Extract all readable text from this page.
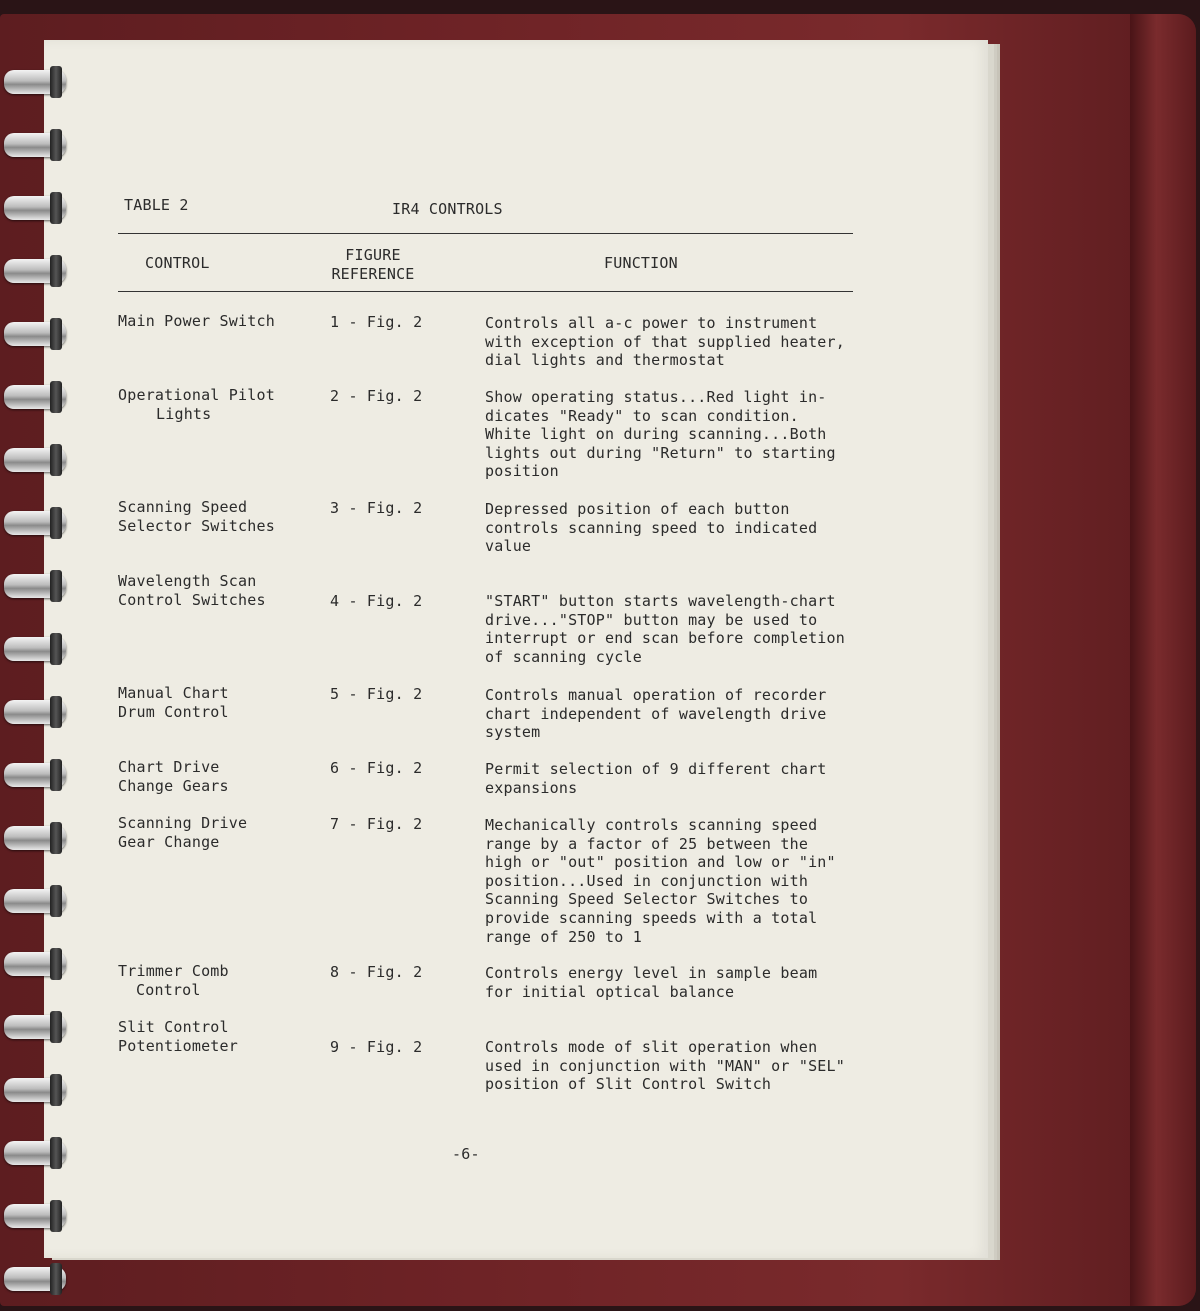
TABLE 2	IR4 CONTROLS
CONTROL	FIGURE
REFERENCE
FUNCTION
Main Power Switch	1 - Fig. 2	Controls all a-c power to instrument
with exception of that supplied heater,
dial lights and thermostat
Operational Pilot
Lights
2 - Fig. 2	Show operating status...Red light in-
dicates "Ready" to scan condition.
White light on during scanning...Both
lights out during "Return" to starting
position
Scanning Speed
Selector Switches
3 - Fig. 2	Depressed position of each button
controls scanning speed to indicated
value
Wavelength Scan
Control Switches	4 - Fig. 2	"START" button starts wavelength-chart
drive..."STOP" button may be used to
interrupt or end scan before completion
of scanning cycle
Manual Chart
Drum Control
5 - Fig. 2	Controls manual operation of recorder
chart independent of wavelength drive
system
Chart Drive
Change Gears
6 - Fig. 2	Permit selection of 9 different chart
expansions
Scanning Drive
Gear Change
7 - Fig. 2	Mechanically controls scanning speed
range by a factor of 25 between the
high or "out" position and low or "in"
position...Used in conjunction with
Scanning Speed Selector Switches to
provide scanning speeds with a total
range of 250 to 1
Trimmer Comb
Control
8 - Fig. 2	Controls energy level in sample beam
for initial optical balance
Slit Control
Potentiometer	9 - Fig. 2	Controls mode of slit operation when
used in conjunction with "MAN" or "SEL"
position of Slit Control Switch
-6-
